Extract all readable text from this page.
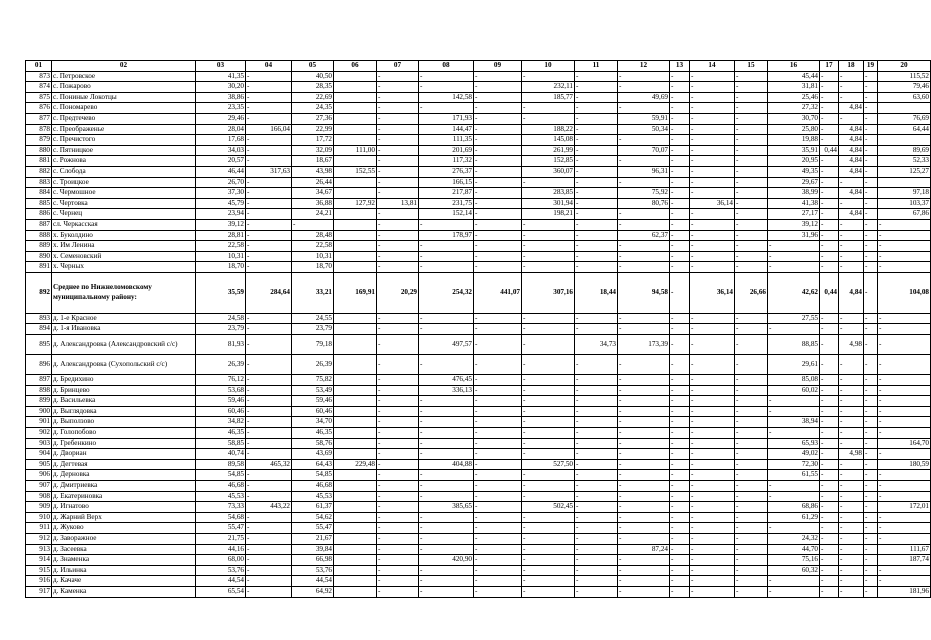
01	02	03	04	05	06	07	08	09	10	11	12	13	14	15	16	17	18	19	20
873	с. Петровское	41,35	-	40,50		-	-	-	-	-	-	-	-	-	45,44	-	-	-	115,52
874	с. Пожарово	30,20	-	28,35		-	-	-	232,11	-	-	-	-	-	31,81	-	-	-	79,46
875	с. Пониные Локотцы	38,86	-	22,69		-	142,58	-	185,77	-	49,69	-	-	-	25,46	-	-	-	63,60
876	с. Пономарево	23,35	-	24,35		-	-	-	-	-	-	-	-	-	27,32	-	4,84	-	
877	с. Предтечево	29,46	-	27,36		-	171,93	-	-	-	59,91	-	-	-	30,70	-	-	-	76,69
878	с. Преображенье	28,04	166,04	22,99		-	144,47	-	188,22	-	50,34	-	-	-	25,80	-	4,84	-	64,44
879	с. Пречистого	17,68	-	17,72		-	111,35	-	145,08	-	-	-	-	-	19,88	-	4,84	-	
880	с. Пятницкое	34,03	-	32,09	111,00	-	201,69	-	261,99	-	70,07	-	-	-	35,91	0,44	4,84	-	89,69
881	с. Рожнова	20,57	-	18,67		-	117,32	-	152,85	-	-	-	-	-	20,95	-	4,84	-	52,33
882	с. Слобода	46,44	317,63	43,98	152,55	-	276,37	-	360,07	-	96,31	-	-	-	49,35	-	4,84	-	125,27
883	с. Троицкое	26,70	-	26,44		-	166,15	-	-	-	-	-	-	-	29,67	-	-	-	
884	с. Чермошное	37,30	-	34,67		-	217,87	-	283,85	-	75,92	-	-	-	38,99	-	4,84	-	97,18
885	с. Чертовка	45,79	-	36,88	127,92	13,81	231,75	-	301,94	-	80,76	-	36,14	-	41,38	-	-	-	103,37
886	с. Чернец	23,94	-	24,21		-	152,14	-	198,21	-	-	-	-	-	27,17	-	4,84	-	67,86
887	сл. Черкасская	39,12	-	-		-	-	-	-	-	-	-	-	-	39,12	-	-	-	-
888	х. Буколдино	28,81	-	28,48		-	178,97	-	-	-	62,37	-	-	-	31,96	-	-	-	-
889	х. Им Ленина	22,58	-	22,58		-	-	-	-	-	-	-	-	-	-	-	-	-	-
890	х. Семеновский	10,31	-	10,31		-	-	-	-	-	-	-	-	-	-	-	-	-	-
891	х. Черных	18,70	-	18,70		-	-	-	-	-	-	-	-	-	-	-	-	-	-
892	Среднее по Нижнеломовскому муниципальному району:	35,59	284,64	33,21	169,91	20,29	254,32	441,07	307,16	18,44	94,58	-	36,14	26,66	42,62	0,44	4,84	-	104,08
893	д. 1-е Красное	24,58	-	24,55		-	-	-	-	-	-	-	-	-	27,55	-	-	-	-
894	д. 1-я Ивановка	23,79	-	23,79		-	-	-	-	-	-	-	-	-	-	-	-	-	-
895	д. Александровка (Александровский с/с)	81,93	-	79,18		-	497,57	-	-	34,73	173,39	-	-	-	88,85	-	4,98	-	-
896	д. Александровка (Сухопольский с/с)	26,39	-	26,39		-	-	-	-	-	-	-	-	-	29,61	-	-	-	-
897	д. Бредихино	76,12	-	75,82		-	476,45	-	-	-	-	-	-	-	85,08	-	-	-	-
898	д. Бринцево	53,68	-	53,49		-	336,13	-	-	-	-	-	-	-	60,02	-	-	-	-
899	д. Васильевка	59,46	-	59,46		-	-	-	-	-	-	-	-	-	-	-	-	-	-
900	д. Выглядовка	60,46	-	60,46		-	-	-	-	-	-	-	-	-	-	-	-	-	-
901	д. Выползово	34,82	-	34,70		-	-	-	-	-	-	-	-	-	38,94	-	-	-	-
902	д. Голопобово	46,35	-	46,35		-	-	-	-	-	-	-	-	-	-	-	-	-	-
903	д. Гребенкино	58,85	-	58,76		-	-	-	-	-	-	-	-	-	65,93	-	-	-	164,70
904	д. Двориан	40,74	-	43,69		-	-	-	-	-	-	-	-	-	49,02	-	4,98	-	-
905	д. Дегтевая	89,58	465,32	64,43	229,48	-	404,88	-	527,50	-	-	-	-	-	72,30	-	-	-	180,59
906	д. Дерновка	54,85	-	54,85		-	-	-	-	-	-	-	-	-	61,55	-	-	-	-
907	д. Дмитриевка	46,68	-	46,68		-	-	-	-	-	-	-	-	-	-	-	-	-	-
908	д. Екатериновка	45,53	-	45,53		-	-	-	-	-	-	-	-	-	-	-	-	-	-
909	д. Игнатово	73,33	443,22	61,37		-	385,65	-	502,45	-	-	-	-	-	68,86	-	-	-	172,01
910	д. Жарний Верх	54,68	-	54,62		-	-	-	-	-	-	-	-	-	61,29	-	-	-	-
911	д. Жуково	55,47	-	55,47		-	-	-	-	-	-	-	-	-	-	-	-	-	-
912	д. Заворажное	21,75	-	21,67		-	-	-	-	-	-	-	-	-	24,32	-	-	-	-
913	д. Засеевка	44,16	-	39,84		-	-	-	-	-	87,24	-	-	-	44,70	-	-	-	111,67
914	д. Знаменка	68,00	-	66,98		-	420,90	-	-	-	-	-	-	-	75,16	-	-	-	187,74
915	д. Ильинка	53,76	-	53,76		-	-	-	-	-	-	-	-	-	60,32	-	-	-	-
916	д. Качаче	44,54	-	44,54		-	-	-	-	-	-	-	-	-	-	-	-	-	-
917	д. Каменка	65,54	-	64,92		-	-	-	-	-	-	-	-	-	-	-	-	-	181,96
